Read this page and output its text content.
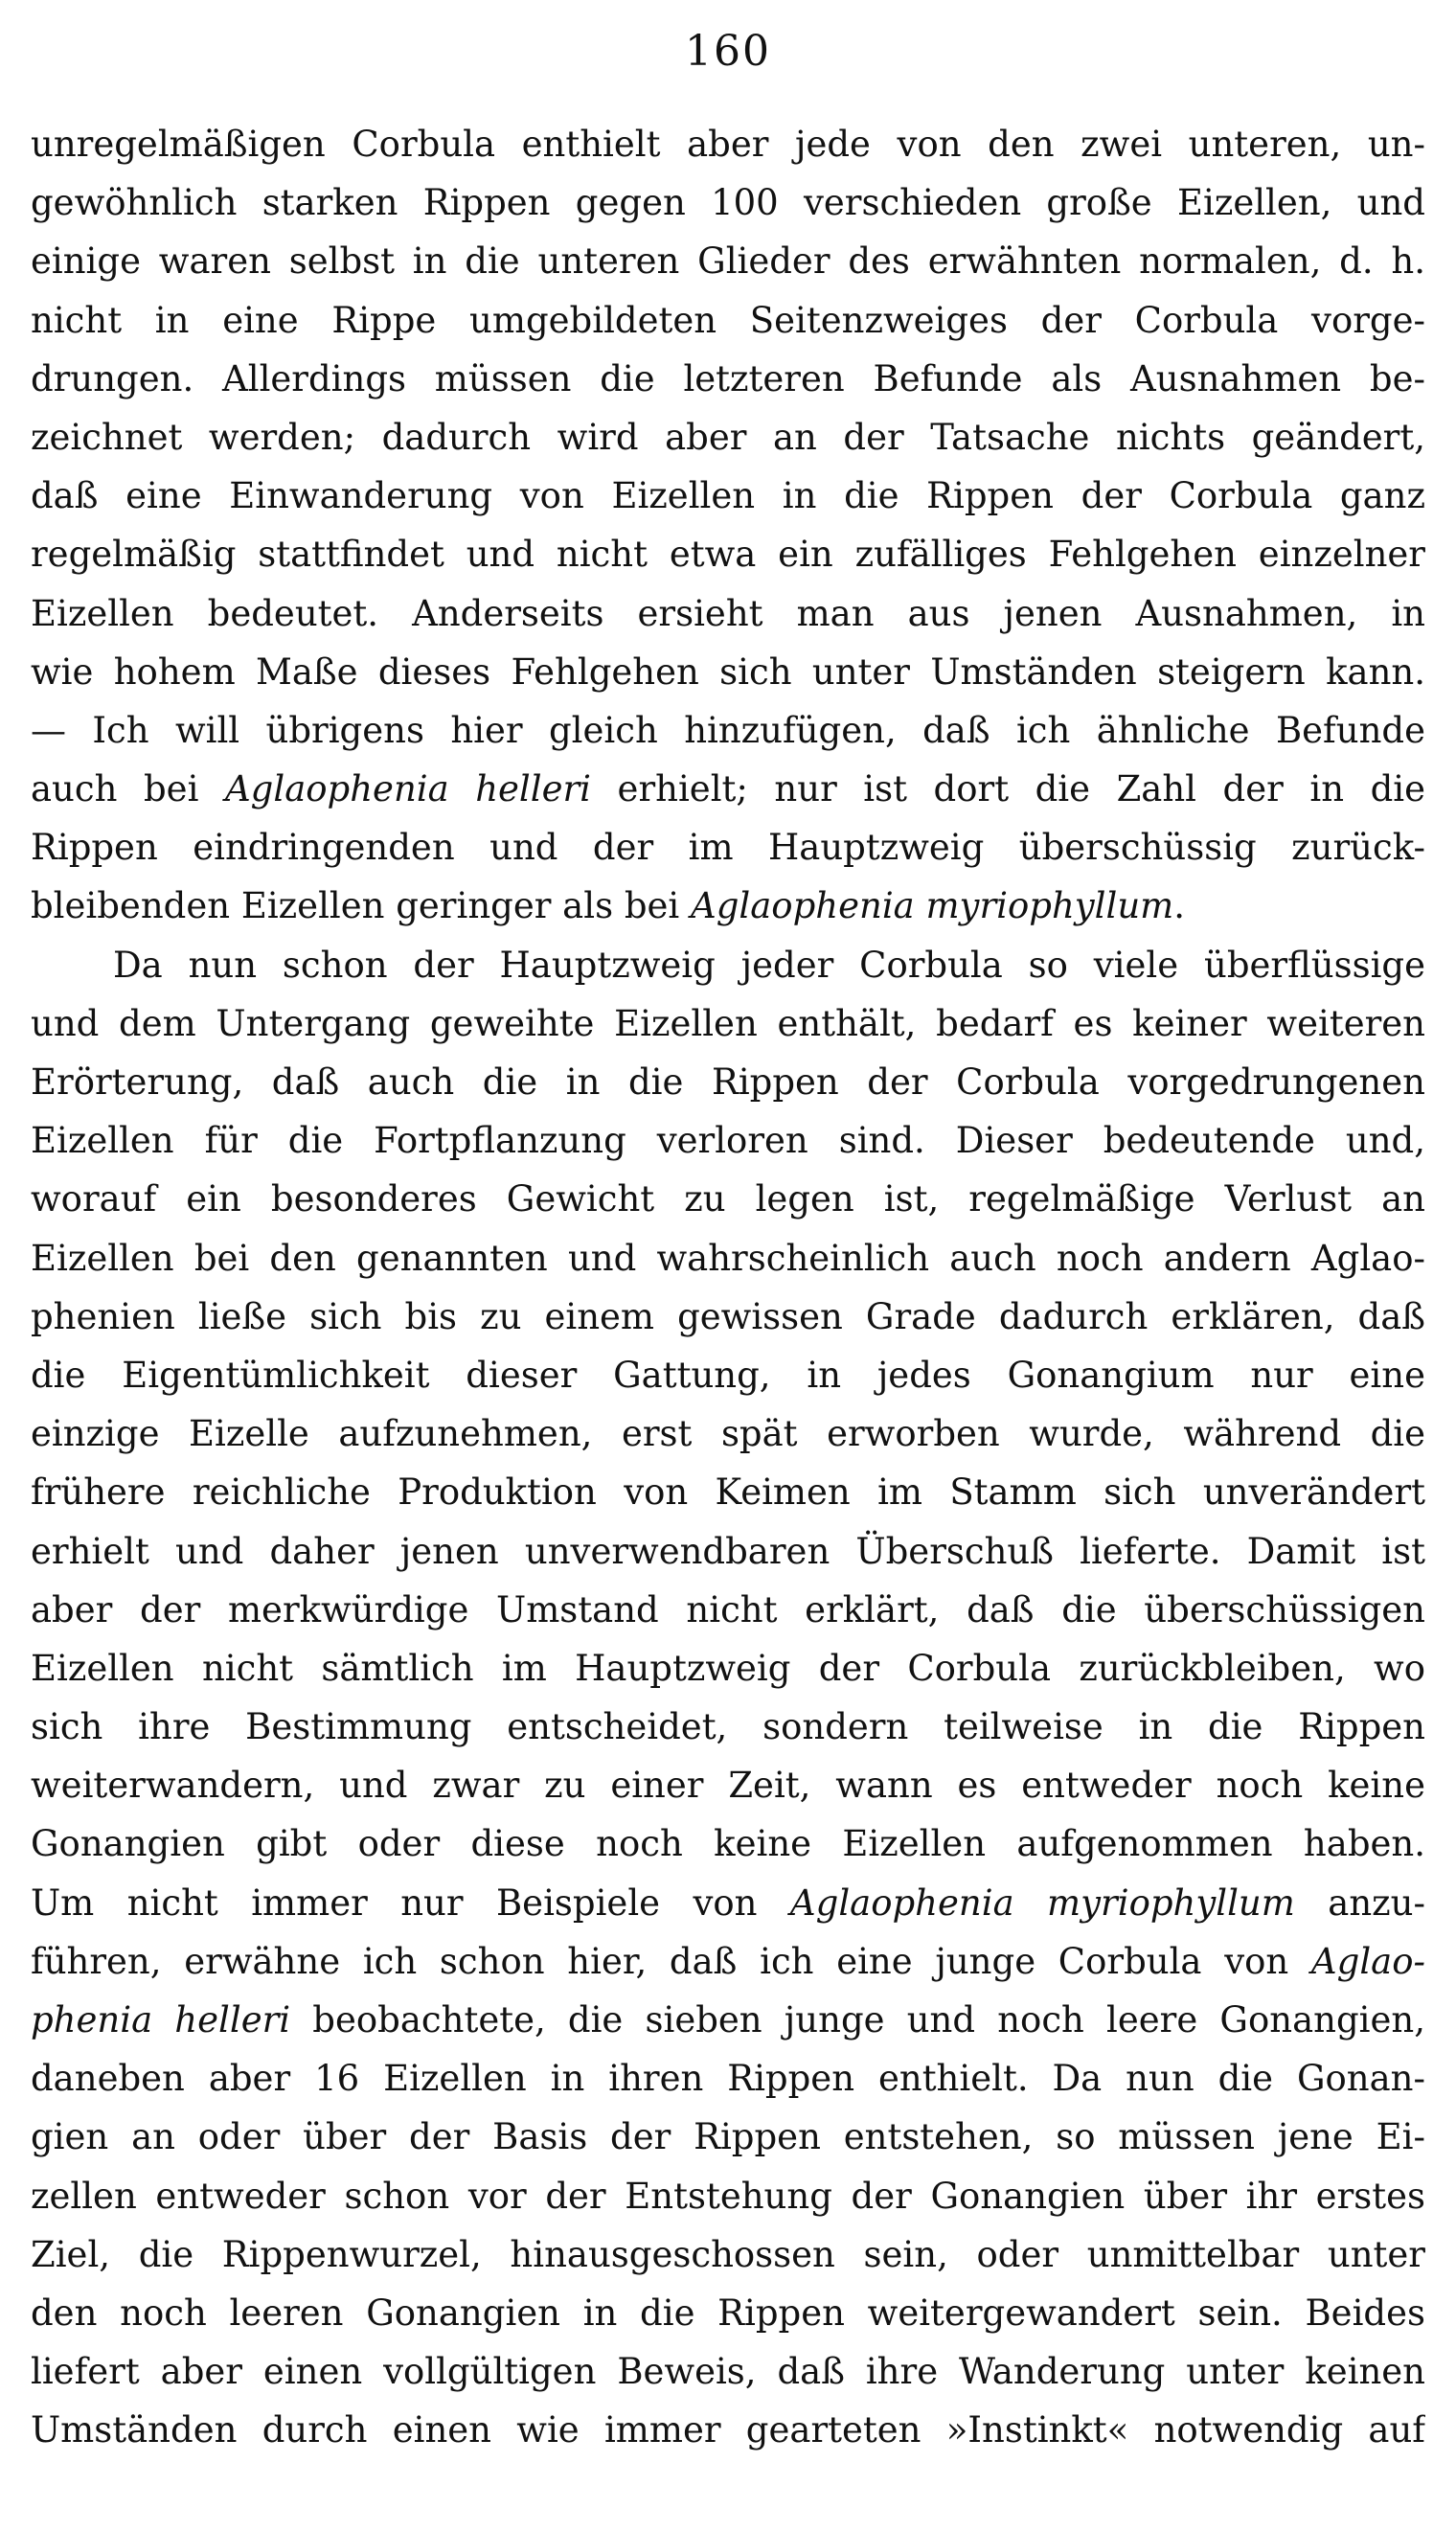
160
unregelmäßigen Corbula enthielt aber jede von den zwei unteren, un-
gewöhnlich starken Rippen gegen 100 verschieden große Eizellen, und
einige waren selbst in die unteren Glieder des erwähnten normalen, d. h.
nicht in eine Rippe umgebildeten Seitenzweiges der Corbula vorge-
drungen. Allerdings müssen die letzteren Befunde als Ausnahmen be-
zeichnet werden; dadurch wird aber an der Tatsache nichts geändert,
daß eine Einwanderung von Eizellen in die Rippen der Corbula ganz
regelmäßig stattfindet und nicht etwa ein zufälliges Fehlgehen einzelner
Eizellen bedeutet. Anderseits ersieht man aus jenen Ausnahmen, in
wie hohem Maße dieses Fehlgehen sich unter Umständen steigern kann.
— Ich will übrigens hier gleich hinzufügen, daß ich ähnliche Befunde
auch bei Aglaophenia helleri erhielt; nur ist dort die Zahl der in die
Rippen eindringenden und der im Hauptzweig überschüssig zurück-
bleibenden Eizellen geringer als bei Aglaophenia myriophyllum.
Da nun schon der Hauptzweig jeder Corbula so viele überflüssige
und dem Untergang geweihte Eizellen enthält, bedarf es keiner weiteren
Erörterung, daß auch die in die Rippen der Corbula vorgedrungenen
Eizellen für die Fortpflanzung verloren sind. Dieser bedeutende und,
worauf ein besonderes Gewicht zu legen ist, regelmäßige Verlust an
Eizellen bei den genannten und wahrscheinlich auch noch andern Aglao-
phenien ließe sich bis zu einem gewissen Grade dadurch erklären, daß
die Eigentümlichkeit dieser Gattung, in jedes Gonangium nur eine
einzige Eizelle aufzunehmen, erst spät erworben wurde, während die
frühere reichliche Produktion von Keimen im Stamm sich unverändert
erhielt und daher jenen unverwendbaren Überschuß lieferte. Damit ist
aber der merkwürdige Umstand nicht erklärt, daß die überschüssigen
Eizellen nicht sämtlich im Hauptzweig der Corbula zurückbleiben, wo
sich ihre Bestimmung entscheidet, sondern teilweise in die Rippen
weiterwandern, und zwar zu einer Zeit, wann es entweder noch keine
Gonangien gibt oder diese noch keine Eizellen aufgenommen haben.
Um nicht immer nur Beispiele von Aglaophenia myriophyllum anzu-
führen, erwähne ich schon hier, daß ich eine junge Corbula von Aglao-
phenia helleri beobachtete, die sieben junge und noch leere Gonangien,
daneben aber 16 Eizellen in ihren Rippen enthielt. Da nun die Gonan-
gien an oder über der Basis der Rippen entstehen, so müssen jene Ei-
zellen entweder schon vor der Entstehung der Gonangien über ihr erstes
Ziel, die Rippenwurzel, hinausgeschossen sein, oder unmittelbar unter
den noch leeren Gonangien in die Rippen weitergewandert sein. Beides
liefert aber einen vollgültigen Beweis, daß ihre Wanderung unter keinen
Umständen durch einen wie immer gearteten »Instinkt« notwendig auf
